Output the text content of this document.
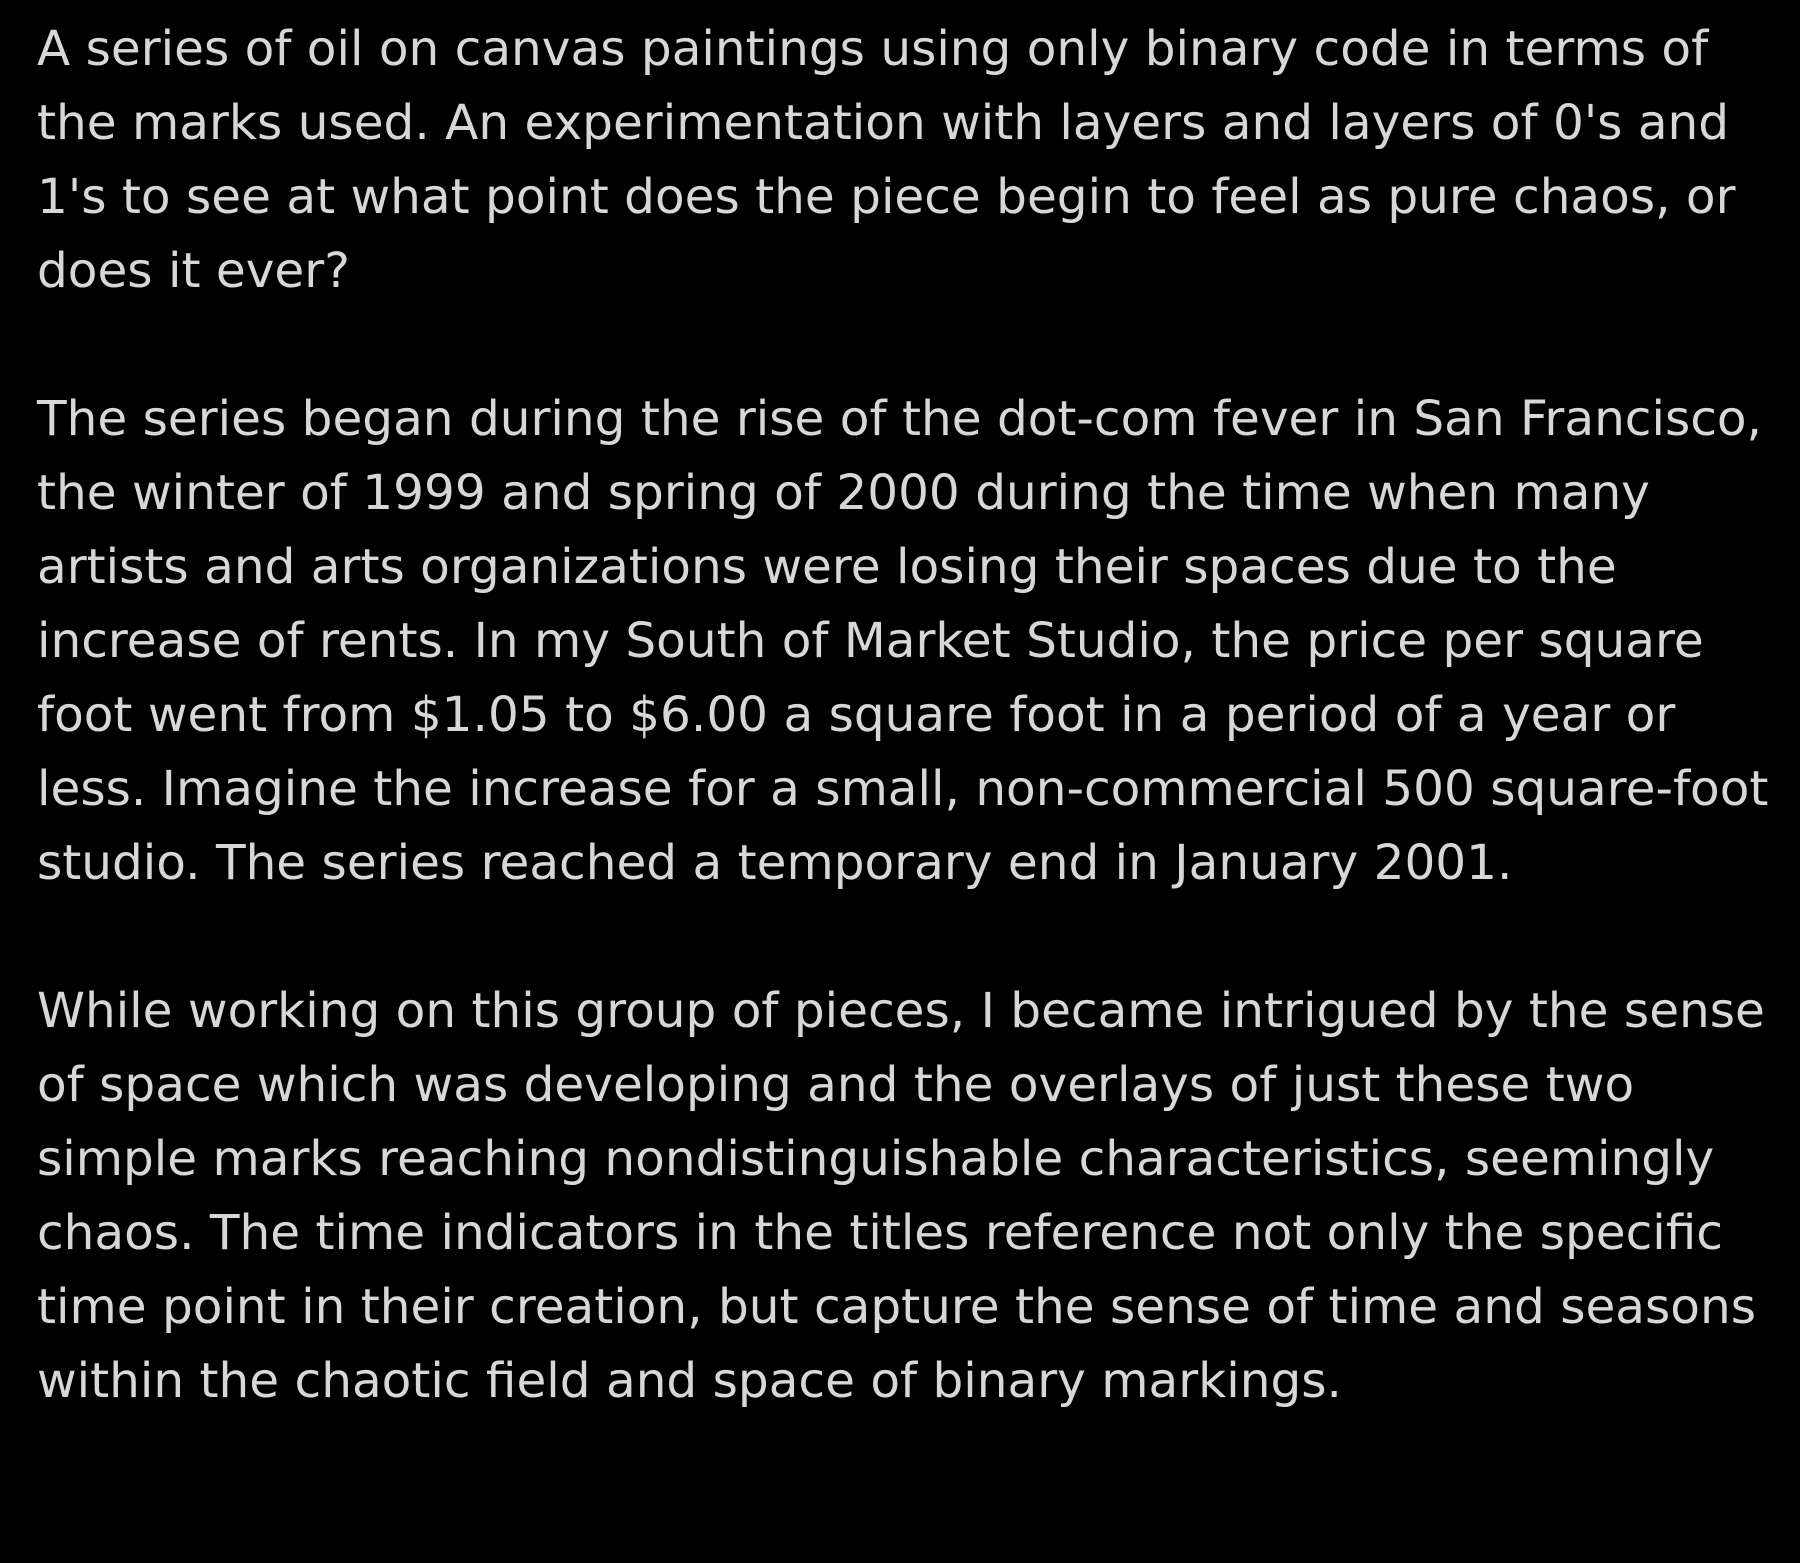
A series of oil on canvas paintings using only binary code in terms of the marks used. An experimentation with layers and layers of 0's and 1's to see at what point does the piece begin to feel as pure chaos, or does it ever?

The series began during the rise of the dot-com fever in San Francisco, the winter of 1999 and spring of 2000 during the time when many artists and arts organizations were losing their spaces due to the increase of rents. In my South of Market Studio, the price per square foot went from $1.05 to $6.00 a square foot in a period of a year or less. Imagine the increase for a small, non-commercial 500 square-foot studio. The series reached a temporary end in January 2001.

While working on this group of pieces, I became intrigued by the sense of space which was developing and the overlays of just these two simple marks reaching nondistinguishable characteristics, seemingly chaos. The time indicators in the titles reference not only the specific time point in their creation, but capture the sense of time and seasons within the chaotic field and space of binary markings.
